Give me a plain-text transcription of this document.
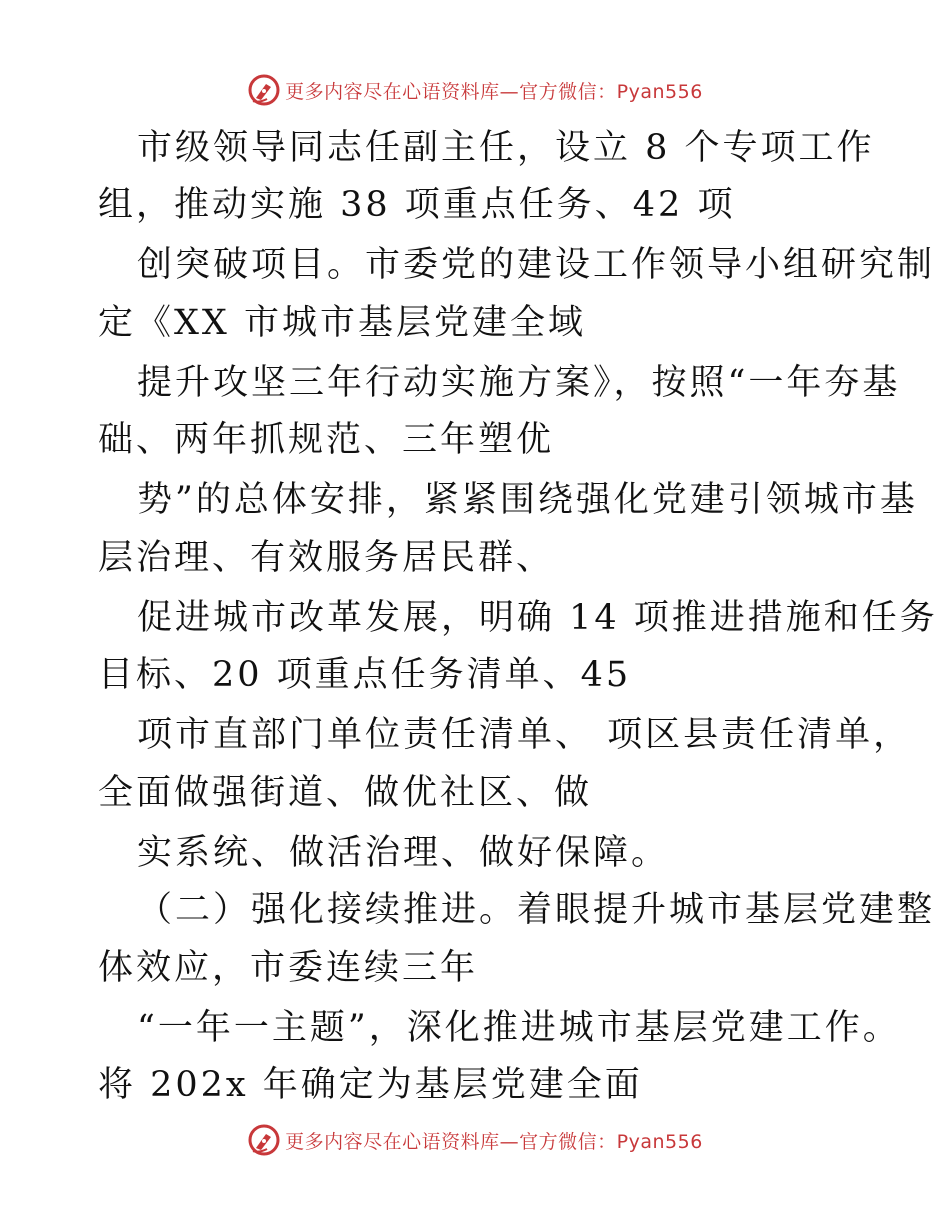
更多内容尽在心语资料库—官方微信：Pyan556
市级领导同志任副主任，设立 8 个专项工作
组，推动实施 38 项重点任务、42 项
创突破项目。市委党的建设工作领导小组研究制
定《XX 市城市基层党建全域
提升攻坚三年行动实施方案》，按照“一年夯基
础、两年抓规范、三年塑优
势”的总体安排，紧紧围绕强化党建引领城市基
层治理、有效服务居民群、
促进城市改革发展，明确 14 项推进措施和任务
目标、20 项重点任务清单、45
项市直部门单位责任清单、 项区县责任清单，
全面做强街道、做优社区、做
实系统、做活治理、做好保障。
（二）强化接续推进。着眼提升城市基层党建整
体效应，市委连续三年
“一年一主题”，深化推进城市基层党建工作。
将 202x 年确定为基层党建全面
更多内容尽在心语资料库—官方微信：Pyan556
